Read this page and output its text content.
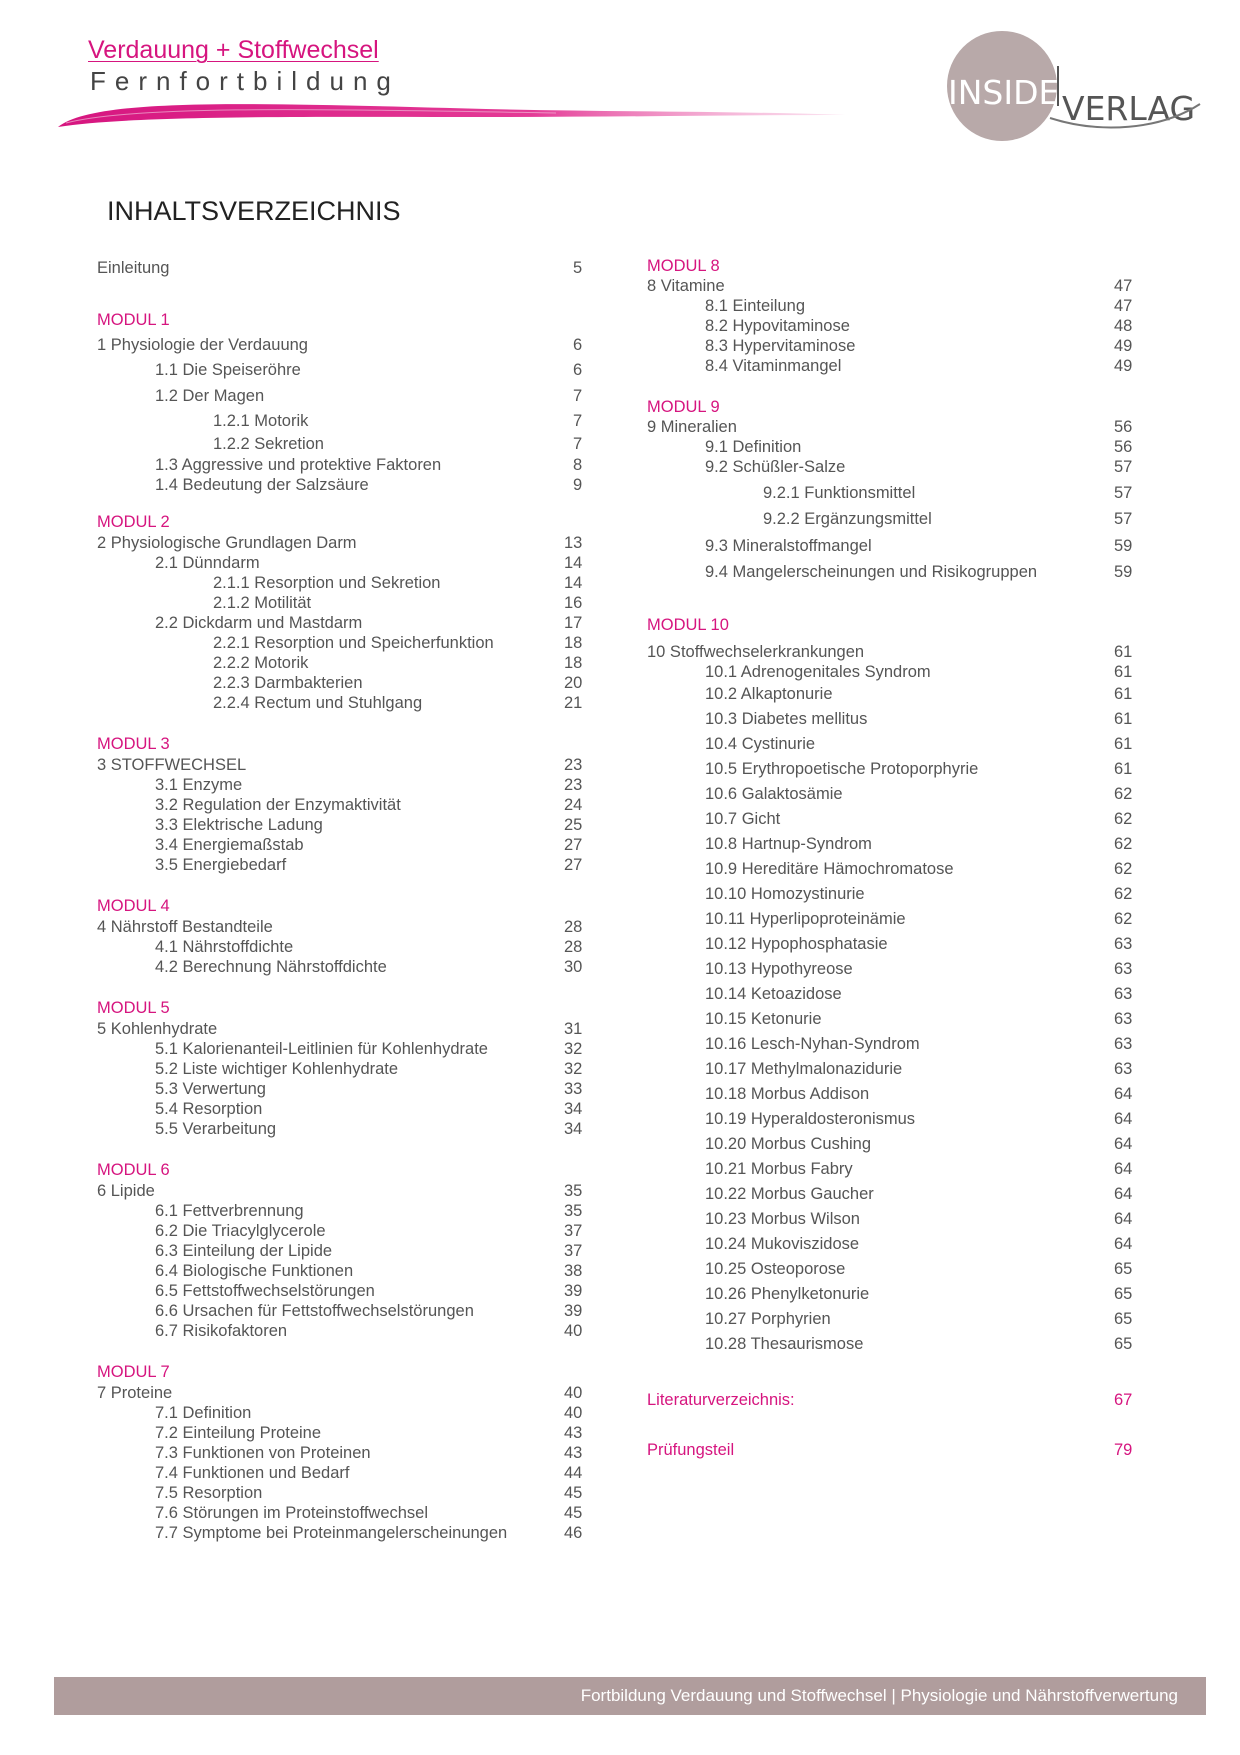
Verdauung + Stoffwechsel
Fernfortbildung	INSIDE VERLAG
INHALTSVERZEICHNIS
Einleitung	5
MODUL 1
1 Physiologie der Verdauung	6
1.1 Die Speiseröhre	6
1.2 Der Magen	7
1.2.1 Motorik	7
1.2.2 Sekretion	7
1.3 Aggressive und protektive Faktoren	8
1.4 Bedeutung der Salzsäure	9
MODUL 2
2 Physiologische Grundlagen Darm	13
2.1 Dünndarm	14
2.1.1 Resorption und Sekretion	14
2.1.2 Motilität	16
2.2 Dickdarm und Mastdarm	17
2.2.1 Resorption und Speicherfunktion	18
2.2.2 Motorik	18
2.2.3 Darmbakterien	20
2.2.4 Rectum und Stuhlgang	21
MODUL 3
3 STOFFWECHSEL	23
3.1 Enzyme	23
3.2 Regulation der Enzymaktivität	24
3.3 Elektrische Ladung	25
3.4 Energiemaßstab	27
3.5 Energiebedarf	27
MODUL 4
4 Nährstoff Bestandteile	28
4.1 Nährstoffdichte	28
4.2 Berechnung Nährstoffdichte	30
MODUL 5
5 Kohlenhydrate	31
5.1 Kalorienanteil-Leitlinien für Kohlenhydrate	32
5.2 Liste wichtiger Kohlenhydrate	32
5.3 Verwertung	33
5.4 Resorption	34
5.5 Verarbeitung	34
MODUL 6
6 Lipide	35
6.1 Fettverbrennung	35
6.2 Die Triacylglycerole	37
6.3 Einteilung der Lipide	37
6.4 Biologische Funktionen	38
6.5 Fettstoffwechselstörungen	39
6.6 Ursachen für Fettstoffwechselstörungen	39
6.7 Risikofaktoren	40
MODUL 7
7 Proteine	40
7.1 Definition	40
7.2 Einteilung Proteine	43
7.3 Funktionen von Proteinen	43
7.4 Funktionen und Bedarf	44
7.5 Resorption	45
7.6 Störungen im Proteinstoffwechsel	45
7.7 Symptome bei Proteinmangelerscheinungen	46
MODUL 8
8 Vitamine	47
8.1 Einteilung	47
8.2 Hypovitaminose	48
8.3 Hypervitaminose	49
8.4 Vitaminmangel	49
MODUL 9
9 Mineralien	56
9.1 Definition	56
9.2 Schüßler-Salze	57
9.2.1 Funktionsmittel	57
9.2.2 Ergänzungsmittel	57
9.3 Mineralstoffmangel	59
9.4 Mangelerscheinungen und Risikogruppen	59
MODUL 10
10 Stoffwechselerkrankungen	61
10.1 Adrenogenitales Syndrom	61
10.2 Alkaptonurie	61
10.3 Diabetes mellitus	61
10.4 Cystinurie	61
10.5 Erythropoetische Protoporphyrie	61
10.6 Galaktosämie	62
10.7 Gicht	62
10.8 Hartnup-Syndrom	62
10.9 Hereditäre Hämochromatose	62
10.10 Homozystinurie	62
10.11 Hyperlipoproteinämie	62
10.12 Hypophosphatasie	63
10.13 Hypothyreose	63
10.14 Ketoazidose	63
10.15 Ketonurie	63
10.16 Lesch-Nyhan-Syndrom	63
10.17 Methylmalonazidurie	63
10.18 Morbus Addison	64
10.19 Hyperaldosteronismus	64
10.20 Morbus Cushing	64
10.21 Morbus Fabry	64
10.22 Morbus Gaucher	64
10.23 Morbus Wilson	64
10.24 Mukoviszidose	64
10.25 Osteoporose	65
10.26 Phenylketonurie	65
10.27 Porphyrien	65
10.28 Thesaurismose	65
Literaturverzeichnis:	67
Prüfungsteil	79
Fortbildung Verdauung und Stoffwechsel | Physiologie und Nährstoffverwertung
